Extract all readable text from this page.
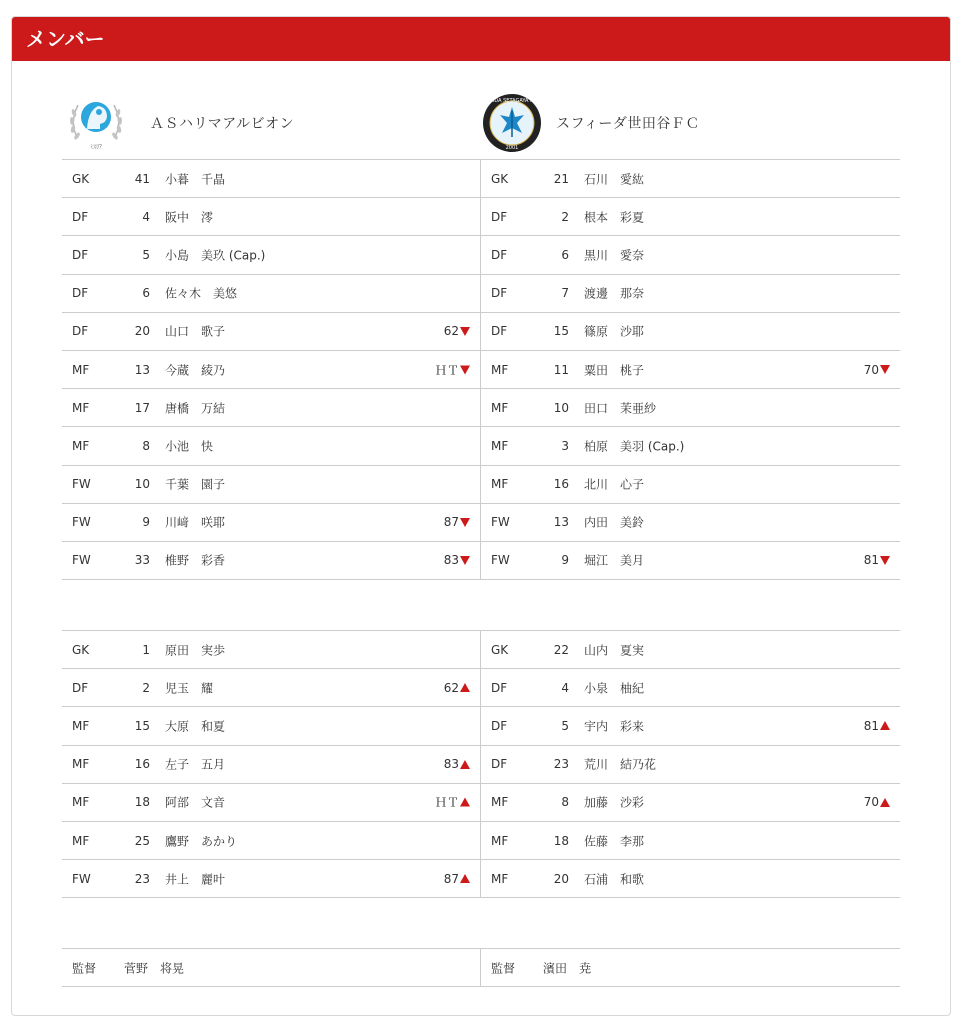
メンバー
ﾐｽﾘｱ
ＡＳハリマアルビオン
SFIDA SETAGAYA F.C
2001
スフィーダ世田谷ＦＣ
GK	41 小暮　千晶
DF	4 阪中　澪
DF	5 小島　美玖 (Cap.)
DF	6 佐々木　美悠
DF	20 山口　歌子	62
MF	13 今蔵　綾乃	ＨＴ
MF	17 唐橋　万結
MF	8 小池　快
FW	10 千葉　園子
FW	9 川﨑　咲耶	87
FW	33 椎野　彩香	83
GK	21 石川　愛紘
DF	2 根本　彩夏
DF	6 黒川　愛奈
DF	7 渡邊　那奈
DF	15 篠原　沙耶
MF	11 粟田　桃子	70
MF	10 田口　茉亜紗
MF	3 柏原　美羽 (Cap.)
MF	16 北川　心子
FW	13 内田　美鈴
FW	9 堀江　美月	81
GK	1 原田　実歩
DF	2 児玉　耀	62
MF	15 大原　和夏
MF	16 左子　五月	83
MF	18 阿部　文音	ＨＴ
MF	25 鷹野　あかり
FW	23 井上　麗叶	87
GK	22 山内　夏実
DF	4 小泉　柚紀
DF	5 宇内　彩来	81
DF	23 荒川　結乃花
MF	8 加藤　沙彩	70
MF	18 佐藤　李那
MF	20 石浦　和歌
監督 菅野　将晃	監督 濱田　尭
